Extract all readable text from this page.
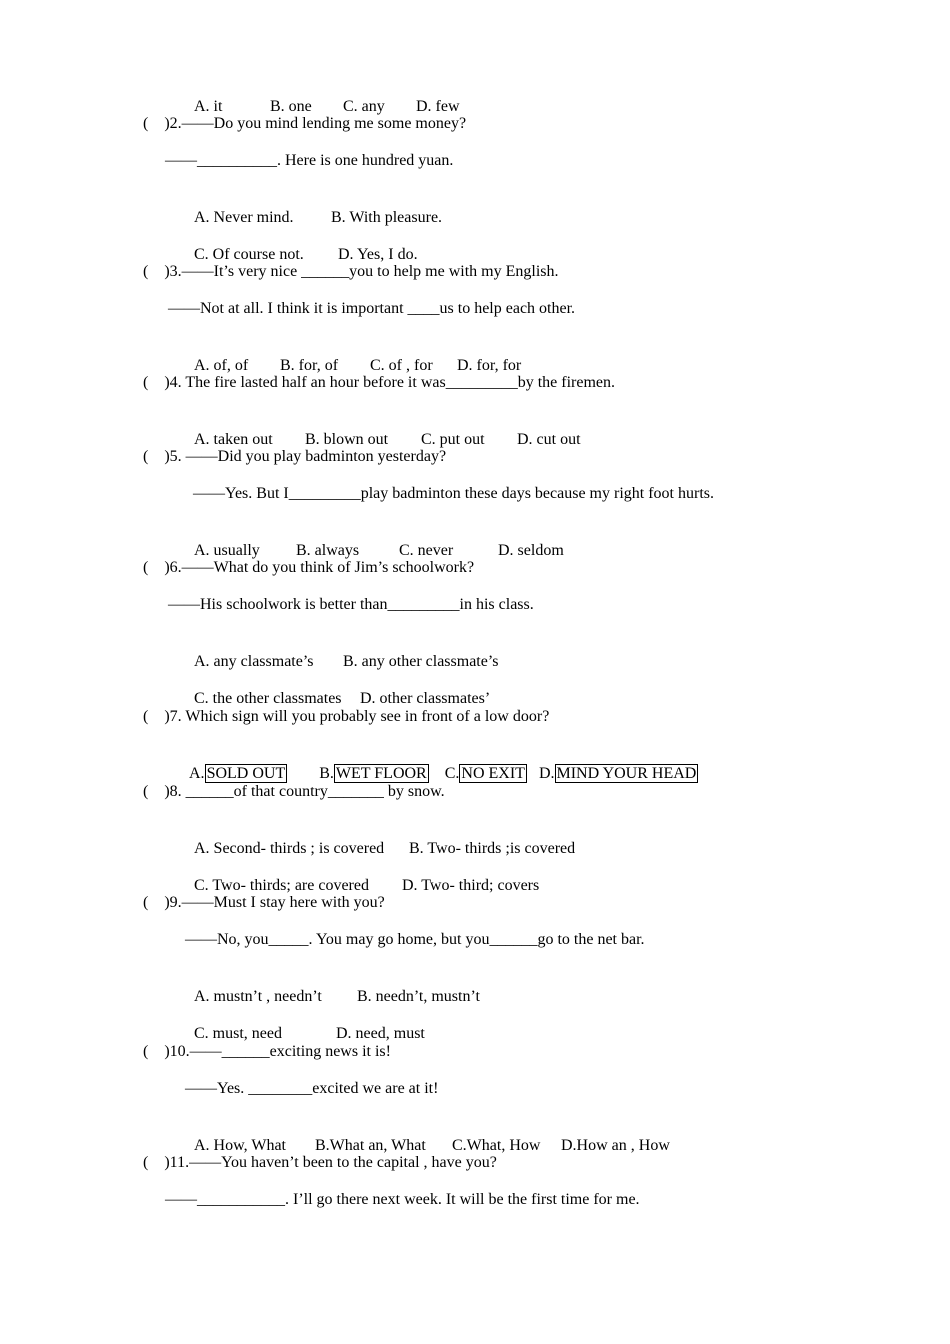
A. it	B. one C. any D. few

(    )2.——Do you mind lending me some money?
——__________. Here is one hundred yuan.

A. Never mind. B. With pleasure.

C. Of course not. D. Yes, I do.

(    )3.——It’s very nice ______you to help me with my English.
——Not at all. I think it is important ____us to help each other.

A. of, of B. for, of C. of , for D. for, for

(    )4. The fire lasted half an hour before it was_________by the firemen.

A. taken out B. blown out C. put out D. cut out

(    )5. ——Did you play badminton yesterday?
——Yes. But I_________play badminton these days because my right foot hurts.

A. usually B. always C. never	D. seldom

(    )6.——What do you think of Jim’s schoolwork?
——His schoolwork is better than_________in his class.

A. any classmate’s B. any other classmate’s

C. the other classmates D. other classmates’

(    )7. Which sign will you probably see in front of a low door?

A. SOLD OUT B. WET FLOOR C. NO EXIT D. MIND YOUR HEAD

(    )8. ______of that country_______ by snow.

A. Second- thirds ; is covered B. Two- thirds ;is covered

C. Two- thirds; are covered D. Two- third; covers

(    )9.——Must I stay here with you?
——No, you_____. You may go home, but you______go to the net bar.

A. mustn’t , needn’t B. needn’t, mustn’t

C. must, need	D. need, must

(    )10.——______exciting news it is!
——Yes. ________excited we are at it!

A. How, What B.What an, What C.What, How D.How an , How

(    )11.——You haven’t been to the capital , have you?
——___________. I’ll go there next week. It will be the first time for me.
